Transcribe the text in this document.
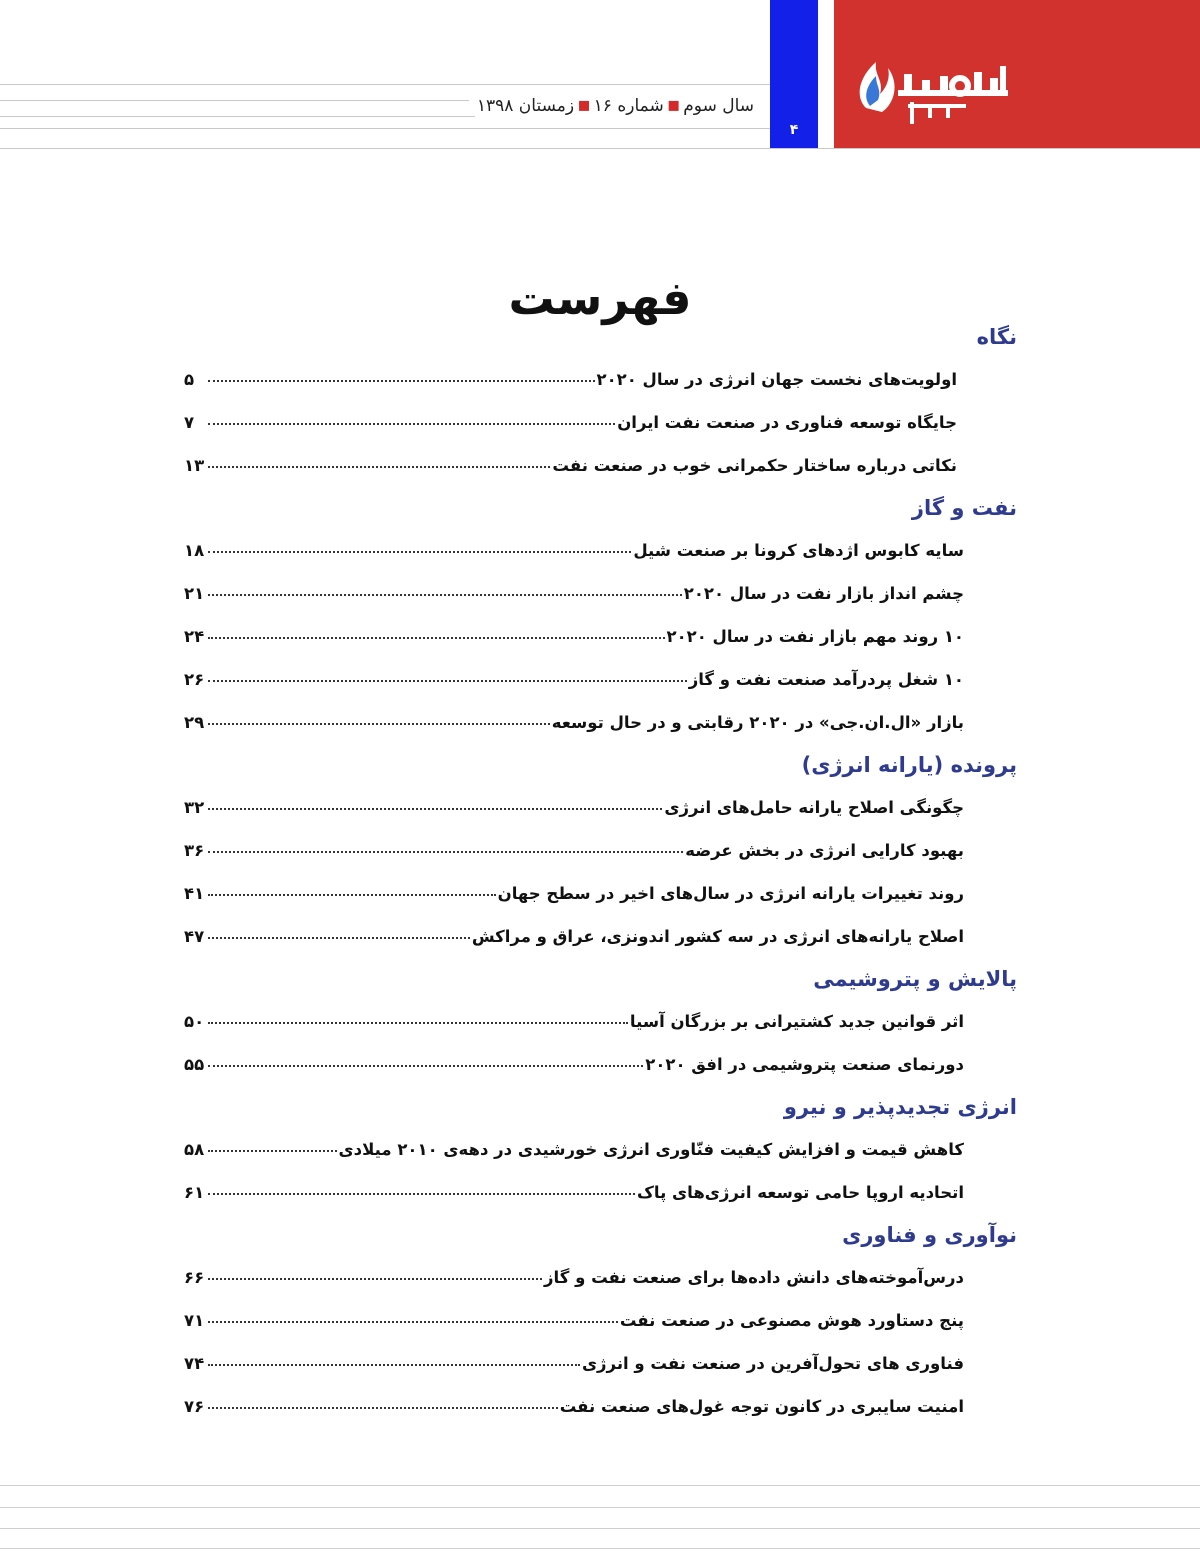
سال سوم▪شماره ۱۶▪زمستان ۱۳۹۸
۴
فهرست
نگاه
اولویت‌های نخست جهان انرژی در سال ۲۰۲۰
۵
جایگاه توسعه فناوری در صنعت نفت ایران
۷
نکاتی درباره ساختار حکمرانی خوب در صنعت نفت
۱۳
نفت و گاز
سایه کابوس اژدهای کرونا بر صنعت شیل
۱۸
چشم انداز بازار نفت در سال ۲۰۲۰
۲۱
۱۰ روند مهم بازار نفت در سال ۲۰۲۰
۲۴
۱۰ شغل پردرآمد صنعت نفت و گاز
۲۶
بازار «ال.ان.جی» در ۲۰۲۰ رقابتی و در حال توسعه
۲۹
پرونده (یارانه انرژی)
چگونگی اصلاح یارانه حامل‌های انرژی
۳۲
بهبود کارایی انرژی در بخش عرضه
۳۶
روند تغییرات یارانه انرژی در سال‌های اخیر در سطح جهان
۴۱
اصلاح یارانه‌های انرژی در سه کشور اندونزی، عراق و مراکش
۴۷
پالایش و پتروشیمی
اثر قوانین جدید کشتیرانی بر بزرگان آسیا
۵۰
دورنمای صنعت پتروشیمی در افق ۲۰۲۰
۵۵
انرژی تجدیدپذیر و نیرو
کاهش قیمت و افزایش کیفیت فنّاوری انرژی خورشیدی در دهه‌ی ۲۰۱۰ میلادی
۵۸
اتحادیه اروپا حامی توسعه انرژی‌های پاک
۶۱
نوآوری و فناوری
درس‌آموخته‌های دانش داده‌ها برای صنعت نفت و گاز
۶۶
پنج دستاورد هوش مصنوعی در صنعت نفت
۷۱
فناوری های تحول‌آفرین در صنعت نفت و انرژی
۷۴
امنیت سایبری در کانون توجه غول‌های صنعت نفت
۷۶
